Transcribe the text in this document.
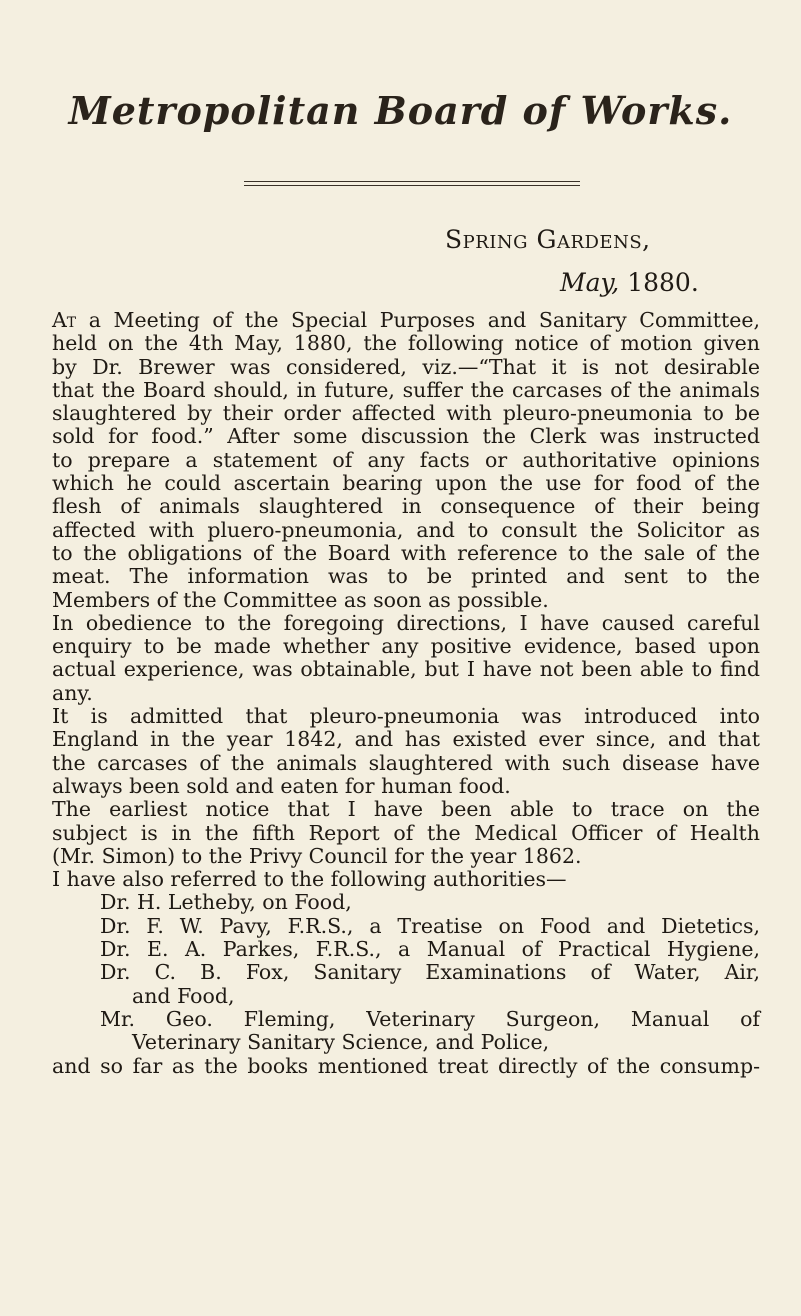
Metropolitan Board of Works.
Spring Gardens,
May, 1880.
At a Meeting of the Special Purposes and Sanitary Committee,
held on the 4th May, 1880, the following notice of motion given
by Dr. Brewer was considered, viz.—“That it is not desirable
that the Board should, in future, suffer the carcases of the animals
slaughtered by their order affected with pleuro-pneumonia to be
sold for food.” After some discussion the Clerk was instructed
to prepare a statement of any facts or authoritative opinions
which he could ascertain bearing upon the use for food of the
flesh of animals slaughtered in consequence of their being
affected with pluero-pneumonia, and to consult the Solicitor as
to the obligations of the Board with reference to the sale of the
meat. The information was to be printed and sent to the
Members of the Committee as soon as possible.
In obedience to the foregoing directions, I have caused careful
enquiry to be made whether any positive evidence, based upon
actual experience, was obtainable, but I have not been able to find
any.
It is admitted that pleuro-pneumonia was introduced into
England in the year 1842, and has existed ever since, and that
the carcases of the animals slaughtered with such disease have
always been sold and eaten for human food.
The earliest notice that I have been able to trace on the
subject is in the fifth Report of the Medical Officer of Health
(Mr. Simon) to the Privy Council for the year 1862.
I have also referred to the following authorities—
Dr. H. Letheby, on Food,
Dr. F. W. Pavy, F.R.S., a Treatise on Food and Dietetics,
Dr. E. A. Parkes, F.R.S., a Manual of Practical Hygiene,
Dr. C. B. Fox, Sanitary Examinations of Water, Air,
and Food,
Mr. Geo. Fleming, Veterinary Surgeon, Manual of
Veterinary Sanitary Science, and Police,
and so far as the books mentioned treat directly of the consump-
